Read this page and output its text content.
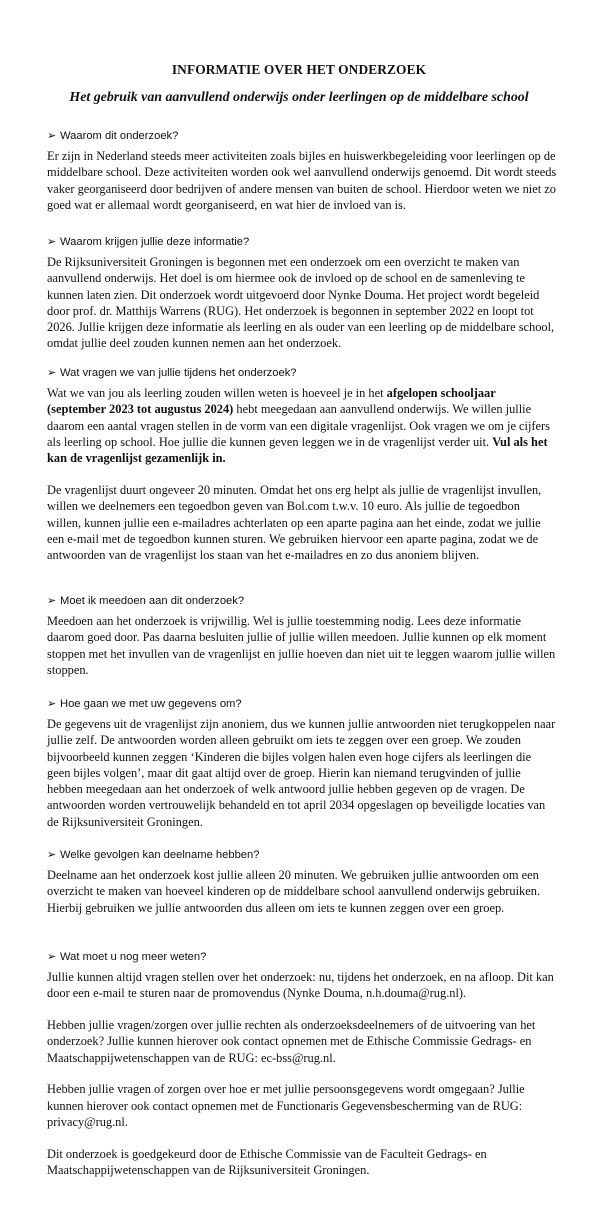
INFORMATIE OVER HET ONDERZOEK
Het gebruik van aanvullend onderwijs onder leerlingen op de middelbare school
➢ Waarom dit onderzoek?

Er zijn in Nederland steeds meer activiteiten zoals bijles en huiswerkbegeleiding voor leerlingen op de middelbare school. Deze activiteiten worden ook wel aanvullend onderwijs genoemd. Dit wordt steeds vaker georganiseerd door bedrijven of andere mensen van buiten de school. Hierdoor weten we niet zo goed wat er allemaal wordt georganiseerd, en wat hier de invloed van is.

➢ Waarom krijgen jullie deze informatie?

De Rijksuniversiteit Groningen is begonnen met een onderzoek om een overzicht te maken van aanvullend onderwijs. Het doel is om hiermee ook de invloed op de school en de samenleving te kunnen laten zien. Dit onderzoek wordt uitgevoerd door Nynke Douma. Het project wordt begeleid door prof. dr. Matthijs Warrens (RUG). Het onderzoek is begonnen in september 2022 en loopt tot 2026. Jullie krijgen deze informatie als leerling en als ouder van een leerling op de middelbare school, omdat jullie deel zouden kunnen nemen aan het onderzoek.

➢ Wat vragen we van jullie tijdens het onderzoek?

Wat we van jou als leerling zouden willen weten is hoeveel je in het afgelopen schooljaar (september 2023 tot augustus 2024) hebt meegedaan aan aanvullend onderwijs. We willen jullie daarom een aantal vragen stellen in de vorm van een digitale vragenlijst. Ook vragen we om je cijfers als leerling op school. Hoe jullie die kunnen geven leggen we in de vragenlijst verder uit. Vul als het kan de vragenlijst gezamenlijk in.

De vragenlijst duurt ongeveer 20 minuten. Omdat het ons erg helpt als jullie de vragenlijst invullen, willen we deelnemers een tegoedbon geven van Bol.com t.w.v. 10 euro. Als jullie de tegoedbon willen, kunnen jullie een e-mailadres achterlaten op een aparte pagina aan het einde, zodat we jullie een e-mail met de tegoedbon kunnen sturen. We gebruiken hiervoor een aparte pagina, zodat we de antwoorden van de vragenlijst los staan van het e-mailadres en zo dus anoniem blijven.

➢ Moet ik meedoen aan dit onderzoek?

Meedoen aan het onderzoek is vrijwillig. Wel is jullie toestemming nodig. Lees deze informatie daarom goed door. Pas daarna besluiten jullie of jullie willen meedoen. Jullie kunnen op elk moment stoppen met het invullen van de vragenlijst en jullie hoeven dan niet uit te leggen waarom jullie willen stoppen.

➢ Hoe gaan we met uw gegevens om?

De gegevens uit de vragenlijst zijn anoniem, dus we kunnen jullie antwoorden niet terugkoppelen naar jullie zelf. De antwoorden worden alleen gebruikt om iets te zeggen over een groep. We zouden bijvoorbeeld kunnen zeggen ‘Kinderen die bijles volgen halen even hoge cijfers als leerlingen die geen bijles volgen’, maar dit gaat altijd over de groep. Hierin kan niemand terugvinden of jullie hebben meegedaan aan het onderzoek of welk antwoord jullie hebben gegeven op de vragen. De antwoorden worden vertrouwelijk behandeld en tot april 2034 opgeslagen op beveiligde locaties van de Rijksuniversiteit Groningen.

➢ Welke gevolgen kan deelname hebben?

Deelname aan het onderzoek kost jullie alleen 20 minuten. We gebruiken jullie antwoorden om een overzicht te maken van hoeveel kinderen op de middelbare school aanvullend onderwijs gebruiken. Hierbij gebruiken we jullie antwoorden dus alleen om iets te kunnen zeggen over een groep.

➢ Wat moet u nog meer weten?

Jullie kunnen altijd vragen stellen over het onderzoek: nu, tijdens het onderzoek, en na afloop. Dit kan door een e-mail te sturen naar de promovendus (Nynke Douma, n.h.douma@rug.nl).

Hebben jullie vragen/zorgen over jullie rechten als onderzoeksdeelnemers of de uitvoering van het onderzoek? Jullie kunnen hierover ook contact opnemen met de Ethische Commissie Gedrags- en Maatschappijwetenschappen van de RUG: ec-bss@rug.nl.

Hebben jullie vragen of zorgen over hoe er met jullie persoonsgegevens wordt omgegaan? Jullie kunnen hierover ook contact opnemen met de Functionaris Gegevensbescherming van de RUG: privacy@rug.nl.

Dit onderzoek is goedgekeurd door de Ethische Commissie van de Faculteit Gedrags- en Maatschappijwetenschappen van de Rijksuniversiteit Groningen.
